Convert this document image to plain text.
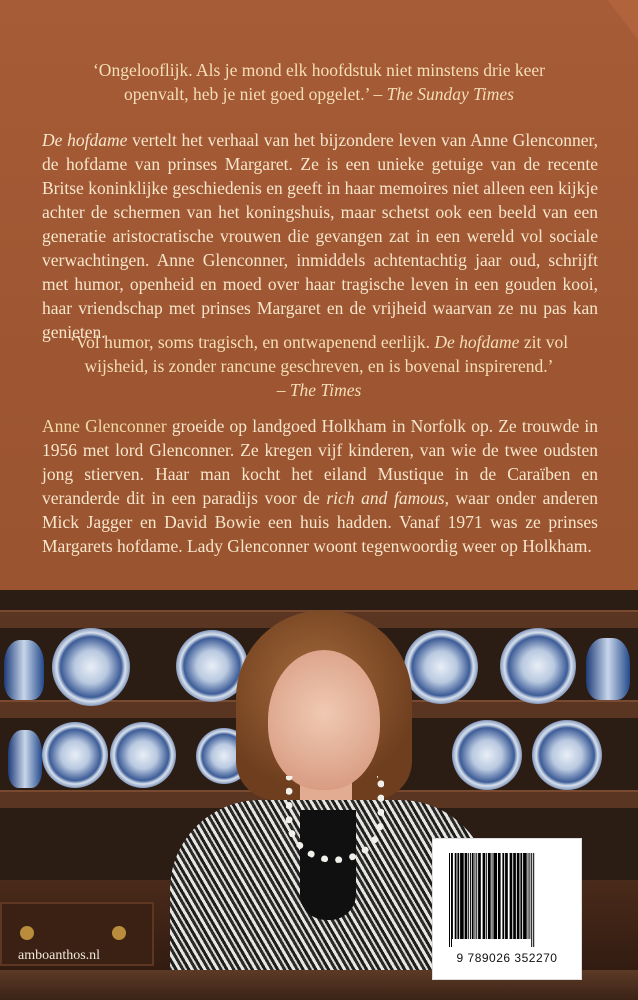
‘Ongelooflijk. Als je mond elk hoofdstuk niet minstens drie keer

openvalt, heb je niet goed opgelet.’ – The Sunday Times

De hofdame vertelt het verhaal van het bijzondere leven van Anne Glenconner, de hofdame van prinses Margaret. Ze is een unieke getuige van de recente Britse koninklijke geschiedenis en geeft in haar memoires niet alleen een kijkje achter de schermen van het koningshuis, maar schetst ook een beeld van een generatie aristocratische vrouwen die gevangen zat in een wereld vol sociale verwachtingen. Anne Glenconner, inmiddels achtentachtig jaar oud, schrijft met humor, openheid en moed over haar tragische leven in een gouden kooi, haar vriendschap met prinses Margaret en de vrijheid waarvan ze nu pas kan genieten.

‘Vol humor, soms tragisch, en ontwapenend eerlijk. De hofdame zit vol

wijsheid, is zonder rancune geschreven, en is bovenal inspirerend.’

– The Times

Anne Glenconner groeide op landgoed Holkham in Norfolk op. Ze trouwde in 1956 met lord Glenconner. Ze kregen vijf kinderen, van wie de twee oudsten jong stierven. Haar man kocht het eiland Mustique in de Caraïben en veranderde dit in een paradijs voor de rich and famous, waar onder anderen Mick Jagger en David Bowie een huis hadden. Vanaf 1971 was ze prinses Margarets hofdame. Lady Glenconner woont tegenwoordig weer op Holkham.

amboanthos.nl	9 789026 352270
